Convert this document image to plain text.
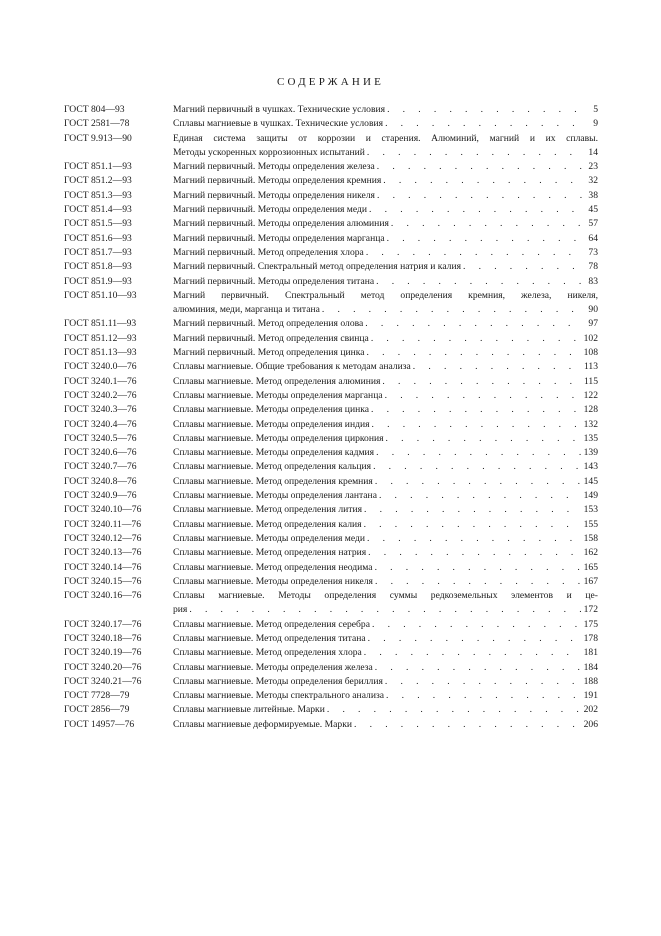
СОДЕРЖАНИЕ
ГОСТ 804—93	Магний первичный в чушках. Технические условия . . .	5
ГОСТ 2581—78	Сплавы магниевые в чушках. Технические условия . . .	9
ГОСТ 9.913—90	Единая система защиты от коррозии и старения. Алюминий, магний и их сплавы.
Методы ускоренных коррозионных испытаний . . .	14
ГОСТ 851.1—93	Магний первичный. Методы определения железа . . .	23
ГОСТ 851.2—93	Магний первичный. Методы определения кремния . . .	32
ГОСТ 851.3—93	Магний первичный. Методы определения никеля . . .	38
ГОСТ 851.4—93	Магний первичный. Методы определения меди . . .	45
ГОСТ 851.5—93	Магний первичный. Методы определения алюминия . . .	57
ГОСТ 851.6—93	Магний первичный. Методы определения марганца . . .	64
ГОСТ 851.7—93	Магний первичный. Метод определения хлора . . .	73
ГОСТ 851.8—93	Магний первичный. Спектральный метод определения натрия и калия . . .	78
ГОСТ 851.9—93	Магний первичный. Методы определения титана . . .	83
ГОСТ 851.10—93	Магний первичный. Спектральный метод определения кремния, железа, никеля,
алюминия, меди, марганца и титана . . .	90
ГОСТ 851.11—93	Магний первичный. Метод определения олова . . .	97
ГОСТ 851.12—93	Магний первичный. Метод определения свинца . . .	102
ГОСТ 851.13—93	Магний первичный. Метод определения цинка . . .	108
ГОСТ 3240.0—76	Сплавы магниевые. Общие требования к методам анализа . . .	113
ГОСТ 3240.1—76	Сплавы магниевые. Метод определения алюминия . . .	115
ГОСТ 3240.2—76	Сплавы магниевые. Методы определения марганца . . .	122
ГОСТ 3240.3—76	Сплавы магниевые. Методы определения цинка . . .	128
ГОСТ 3240.4—76	Сплавы магниевые. Методы определения индия . . .	132
ГОСТ 3240.5—76	Сплавы магниевые. Методы определения циркония . . .	135
ГОСТ 3240.6—76	Сплавы магниевые. Методы определения кадмия . . .	139
ГОСТ 3240.7—76	Сплавы магниевые. Метод определения кальция . . .	143
ГОСТ 3240.8—76	Сплавы магниевые. Метод определения кремния . . .	145
ГОСТ 3240.9—76	Сплавы магниевые. Методы определения лантана . . .	149
ГОСТ 3240.10—76	Сплавы магниевые. Метод определения лития . . .	153
ГОСТ 3240.11—76	Сплавы магниевые. Метод определения калия . . .	155
ГОСТ 3240.12—76	Сплавы магниевые. Методы определения меди . . .	158
ГОСТ 3240.13—76	Сплавы магниевые. Метод определения натрия . . .	162
ГОСТ 3240.14—76	Сплавы магниевые. Метод определения неодима . . .	165
ГОСТ 3240.15—76	Сплавы магниевые. Методы определения никеля . . .	167
ГОСТ 3240.16—76	Сплавы магниевые. Методы определения суммы редкоземельных элементов и це-
рия . . .	172
ГОСТ 3240.17—76	Сплавы магниевые. Метод определения серебра . . .	175
ГОСТ 3240.18—76	Сплавы магниевые. Метод определения титана . . .	178
ГОСТ 3240.19—76	Сплавы магниевые. Метод определения хлора . . .	181
ГОСТ 3240.20—76	Сплавы магниевые. Методы определения железа . . .	184
ГОСТ 3240.21—76	Сплавы магниевые. Методы определения бериллия . . .	188
ГОСТ 7728—79	Сплавы магниевые. Методы спектрального анализа . . .	191
ГОСТ 2856—79	Сплавы магниевые литейные. Марки . . .	202
ГОСТ 14957—76	Сплавы магниевые деформируемые. Марки . . .	206
